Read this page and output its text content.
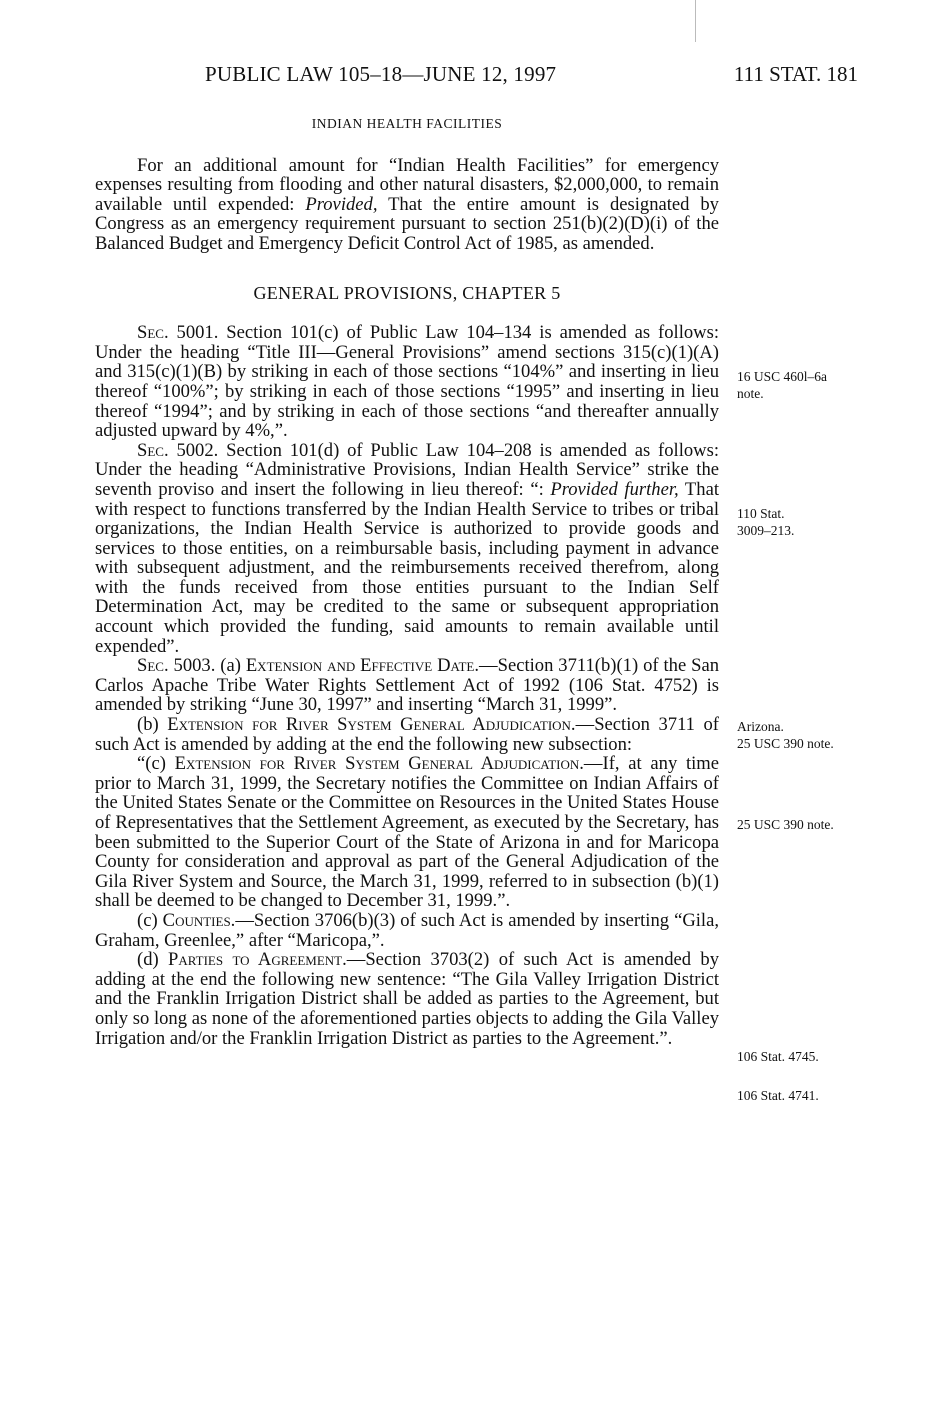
PUBLIC LAW 105–18—JUNE 12, 1997	111 STAT. 181
INDIAN HEALTH FACILITIES

For an additional amount for “Indian Health Facilities” for emergency expenses resulting from flooding and other natural disasters, $2,000,000, to remain available until expended: Provided, That the entire amount is designated by Congress as an emergency requirement pursuant to section 251(b)(2)(D)(i) of the Balanced Budget and Emergency Deficit Control Act of 1985, as amended.

GENERAL PROVISIONS, CHAPTER 5

Sec. 5001. Section 101(c) of Public Law 104–134 is amended as follows: Under the heading “Title III—General Provisions” amend sections 315(c)(1)(A) and 315(c)(1)(B) by striking in each of those sections “104%” and inserting in lieu thereof “100%”; by striking in each of those sections “1995” and inserting in lieu thereof “1994”; and by striking in each of those sections “and thereafter annually adjusted upward by 4%,”.

Sec. 5002. Section 101(d) of Public Law 104–208 is amended as follows: Under the heading “Administrative Provisions, Indian Health Service” strike the seventh proviso and insert the following in lieu thereof: “: Provided further, That with respect to functions transferred by the Indian Health Service to tribes or tribal organizations, the Indian Health Service is authorized to provide goods and services to those entities, on a reimbursable basis, including payment in advance with subsequent adjustment, and the reimbursements received therefrom, along with the funds received from those entities pursuant to the Indian Self Determination Act, may be credited to the same or subsequent appropriation account which provided the funding, said amounts to remain available until expended”.

Sec. 5003. (a) Extension and Effective Date.—Section 3711(b)(1) of the San Carlos Apache Tribe Water Rights Settlement Act of 1992 (106 Stat. 4752) is amended by striking “June 30, 1997” and inserting “March 31, 1999”.

(b) Extension for River System General Adjudication.—Section 3711 of such Act is amended by adding at the end the following new subsection:

“(c) Extension for River System General Adjudication.—If, at any time prior to March 31, 1999, the Secretary notifies the Committee on Indian Affairs of the United States Senate or the Committee on Resources in the United States House of Representatives that the Settlement Agreement, as executed by the Secretary, has been submitted to the Superior Court of the State of Arizona in and for Maricopa County for consideration and approval as part of the General Adjudication of the Gila River System and Source, the March 31, 1999, referred to in subsection (b)(1) shall be deemed to be changed to December 31, 1999.”.

(c) Counties.—Section 3706(b)(3) of such Act is amended by inserting “Gila, Graham, Greenlee,” after “Maricopa,”.

(d) Parties to Agreement.—Section 3703(2) of such Act is amended by adding at the end the following new sentence: “The Gila Valley Irrigation District and the Franklin Irrigation District shall be added as parties to the Agreement, but only so long as none of the aforementioned parties objects to adding the Gila Valley Irrigation and/or the Franklin Irrigation District as parties to the Agreement.”.

16 USC 460l–6a
note.
110 Stat.
3009–213.
Arizona.
25 USC 390 note.
25 USC 390 note.
106 Stat. 4745.
106 Stat. 4741.
